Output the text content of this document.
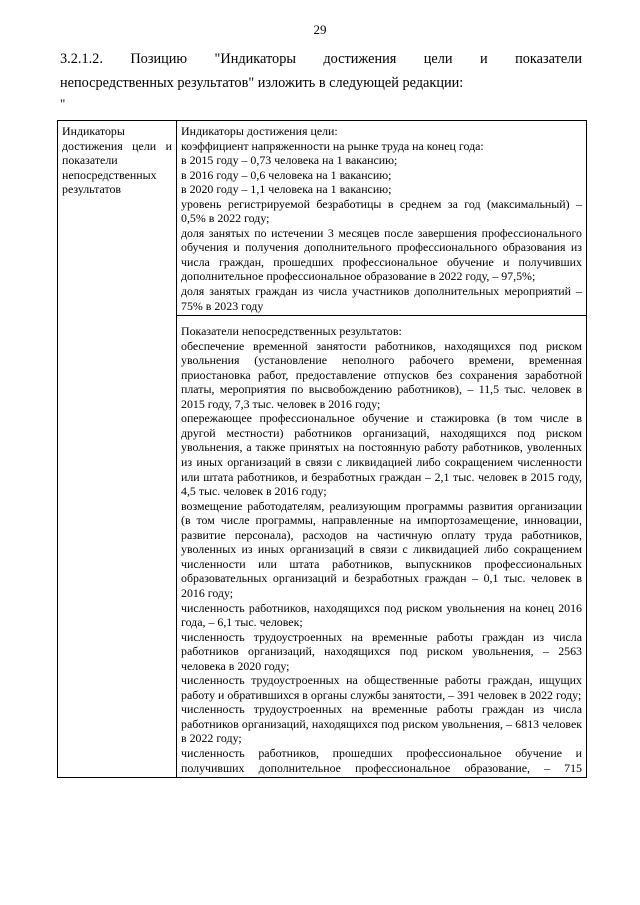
29
3.2.1.2. Позицию "Индикаторы достижения цели и показатели
непосредственных результатов" изложить в следующей редакции:
"
Индикаторы достижения цели и показатели непосредственных результатов

Индикаторы достижения цели:
коэффициент напряженности на рынке труда на конец года:
в 2015 году – 0,73 человека на 1 вакансию;
в 2016 году – 0,6 человека на 1 вакансию;
в 2020 году – 1,1 человека на 1 вакансию;
уровень регистрируемой безработицы в среднем за год (максимальный) – 0,5% в 2022 году;
доля занятых по истечении 3 месяцев после завершения профессионального обучения и получения дополнительного профессионального образования из числа граждан, прошедших профессиональное обучение и получивших дополнительное профессиональное образование в 2022 году, – 97,5%;
доля занятых граждан из числа участников дополнительных мероприятий – 75% в 2023 году

Показатели непосредственных результатов:
обеспечение временной занятости работников, находящихся под риском увольнения (установление неполного рабочего времени, временная приостановка работ, предоставление отпусков без сохранения заработной платы, мероприятия по высвобождению работников), – 11,5 тыс. человек в 2015 году, 7,3 тыс. человек в 2016 году;
опережающее профессиональное обучение и стажировка (в том числе в другой местности) работников организаций, находящихся под риском увольнения, а также принятых на постоянную работу работников, уволенных из иных организаций в связи с ликвидацией либо сокращением численности или штата работников, и безработных граждан – 2,1 тыс. человек в 2015 году, 4,5 тыс. человек в 2016 году;
возмещение работодателям, реализующим программы развития организации (в том числе программы, направленные на импортозамещение, инновации, развитие персонала), расходов на частичную оплату труда работников, уволенных из иных организаций в связи с ликвидацией либо сокращением численности или штата работников, выпускников профессиональных образовательных организаций и безработных граждан – 0,1 тыс. человек в 2016 году;
численность работников, находящихся под риском увольнения на конец 2016 года, – 6,1 тыс. человек;
численность трудоустроенных на временные работы граждан из числа работников организаций, находящихся под риском увольнения, – 2563 человека в 2020 году;
численность трудоустроенных на общественные работы граждан, ищущих работу и обратившихся в органы службы занятости, – 391 человек в 2022 году;
численность трудоустроенных на временные работы граждан из числа работников организаций, находящихся под риском увольнения, – 6813 человек в 2022 году;
численность работников, прошедших профессиональное обучение и получивших дополнительное профессиональное образование, – 715
